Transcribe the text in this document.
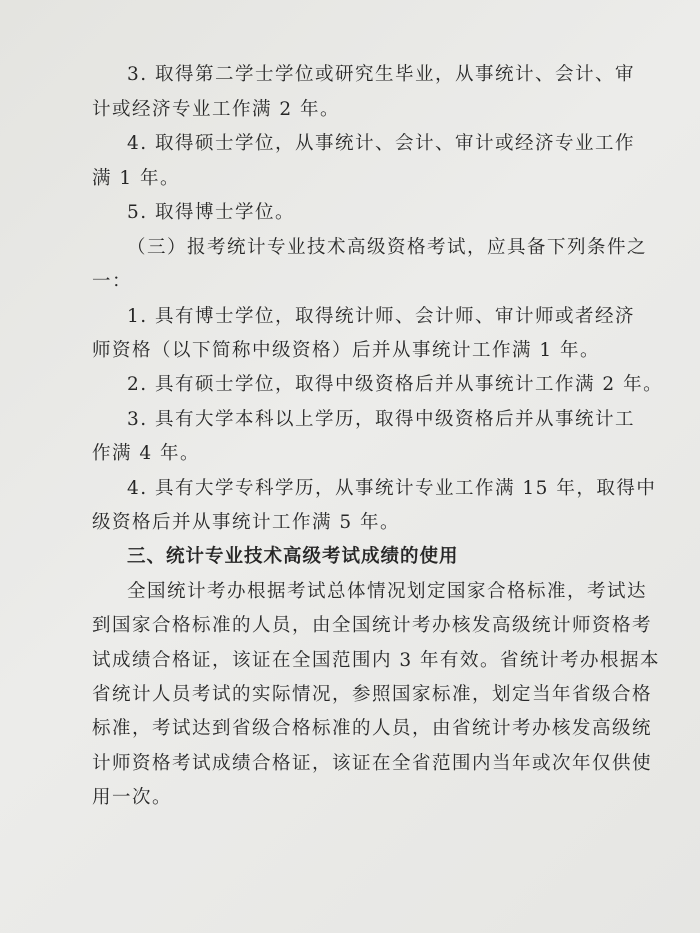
3. 取得第二学士学位或研究生毕业，从事统计、会计、审
计或经济专业工作满 2 年。
4. 取得硕士学位，从事统计、会计、审计或经济专业工作
满 1 年。
5. 取得博士学位。
（三）报考统计专业技术高级资格考试，应具备下列条件之
一：
1. 具有博士学位，取得统计师、会计师、审计师或者经济
师资格（以下简称中级资格）后并从事统计工作满 1 年。
2. 具有硕士学位，取得中级资格后并从事统计工作满 2 年。
3. 具有大学本科以上学历，取得中级资格后并从事统计工
作满 4 年。
4. 具有大学专科学历，从事统计专业工作满 15 年，取得中
级资格后并从事统计工作满 5 年。
三、统计专业技术高级考试成绩的使用
全国统计考办根据考试总体情况划定国家合格标准，考试达
到国家合格标准的人员，由全国统计考办核发高级统计师资格考
试成绩合格证，该证在全国范围内 3 年有效。省统计考办根据本
省统计人员考试的实际情况，参照国家标准，划定当年省级合格
标准，考试达到省级合格标准的人员，由省统计考办核发高级统
计师资格考试成绩合格证，该证在全省范围内当年或次年仅供使
用一次。
